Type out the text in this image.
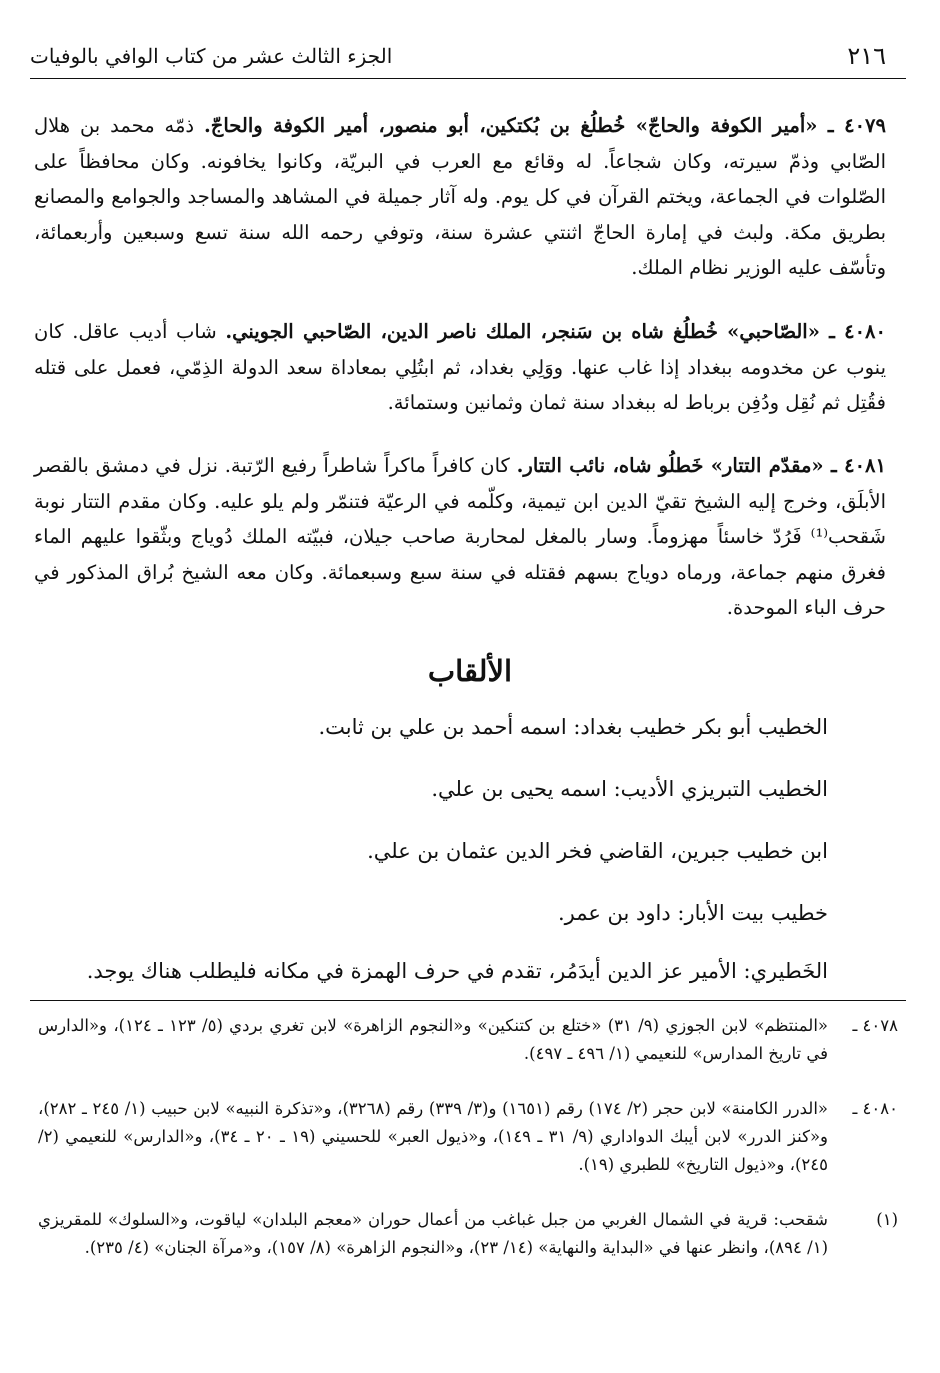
٢١٦
الجزء الثالث عشر من كتاب الوافي بالوفيات

٤٠٧٩ ـ «أمير الكوفة والحاجّ» خُطلُغ بن بُكتكين، أبو منصور، أمير الكوفة والحاجّ. ذمّه محمد بن هلال الصّابي وذمّ سيرته، وكان شجاعاً. له وقائع مع العرب في البريّة، وكانوا يخافونه. وكان محافظاً على الصّلوات في الجماعة، ويختم القرآن في كل يوم. وله آثار جميلة في المشاهد والمساجد والجوامع والمصانع بطريق مكة. ولبث في إمارة الحاجّ اثنتي عشرة سنة، وتوفي رحمه الله سنة تسع وسبعين وأربعمائة، وتأسّف عليه الوزير نظام الملك.

٤٠٨٠ ـ «الصّاحبي» خُطلُغ شاه بن سَنجر، الملك ناصر الدين، الصّاحبي الجويني. شاب أديب عاقل. كان ينوب عن مخدومه ببغداد إذا غاب عنها. ووَلِي بغداد، ثم ابتُلِي بمعاداة سعد الدولة الذِمّي، فعمل على قتله فقُتِل ثم نُقِل ودُفِن برباط له ببغداد سنة ثمان وثمانين وستمائة.

٤٠٨١ ـ «مقدّم التتار» خَطلُو شاه، نائب التتار. كان كافراً ماكراً شاطراً رفيع الرّتبة. نزل في دمشق بالقصر الأبلَق، وخرج إليه الشيخ تقيّ الدين ابن تيمية، وكلّمه في الرعيّة فتنمّر ولم يلو عليه. وكان مقدم التتار نوبة شَقحب⁽¹⁾ فَرُدّ خاسئاً مهزوماً. وسار بالمغل لمحاربة صاحب جيلان، فبيّته الملك دُوياج وبثّقوا عليهم الماء فغرق منهم جماعة، ورماه دوياج بسهم فقتله في سنة سبع وسبعمائة. وكان معه الشيخ بُراق المذكور في حرف الباء الموحدة.

الألقاب
الخطيب أبو بكر خطيب بغداد: اسمه أحمد بن علي بن ثابت.
الخطيب التبريزي الأديب: اسمه يحيى بن علي.
ابن خطيب جبرين، القاضي فخر الدين عثمان بن علي.
خطيب بيت الأبار: داود بن عمر.
الخَطيري: الأمير عز الدين أيدَمُر، تقدم في حرف الهمزة في مكانه فليطلب هناك يوجد.
٤٠٧٨ ـ
«المنتظم» لابن الجوزي (٩/ ٣١) «ختلع بن كتنكين» و«النجوم الزاهرة» لابن تغري بردي (٥/ ١٢٣ ـ ١٢٤)، و«الدارس في تاريخ المدارس» للنعيمي (١/ ٤٩٦ ـ ٤٩٧).
٤٠٨٠ ـ
«الدرر الكامنة» لابن حجر (٢/ ١٧٤) رقم (١٦٥١) و(٣/ ٣٣٩) رقم (٣٢٦٨)، و«تذكرة النبيه» لابن حبيب (١/ ٢٤٥ ـ ٢٨٢)، و«كنز الدرر» لابن أيبك الدواداري (٩/ ٣١ ـ ١٤٩)، و«ذيول العبر» للحسيني (١٩ ـ ٢٠ ـ ٣٤)، و«الدارس» للنعيمي (٢/ ٢٤٥)، و«ذيول التاريخ» للطبري (١٩).
(١)
شقحب: قرية في الشمال الغربي من جبل غباغب من أعمال حوران «معجم البلدان» لياقوت، و«السلوك» للمقريزي (١/ ٨٩٤)، وانظر عنها في «البداية والنهاية» (١٤/ ٢٣)، و«النجوم الزاهرة» (٨/ ١٥٧)، و«مرآة الجنان» (٤/ ٢٣٥).
